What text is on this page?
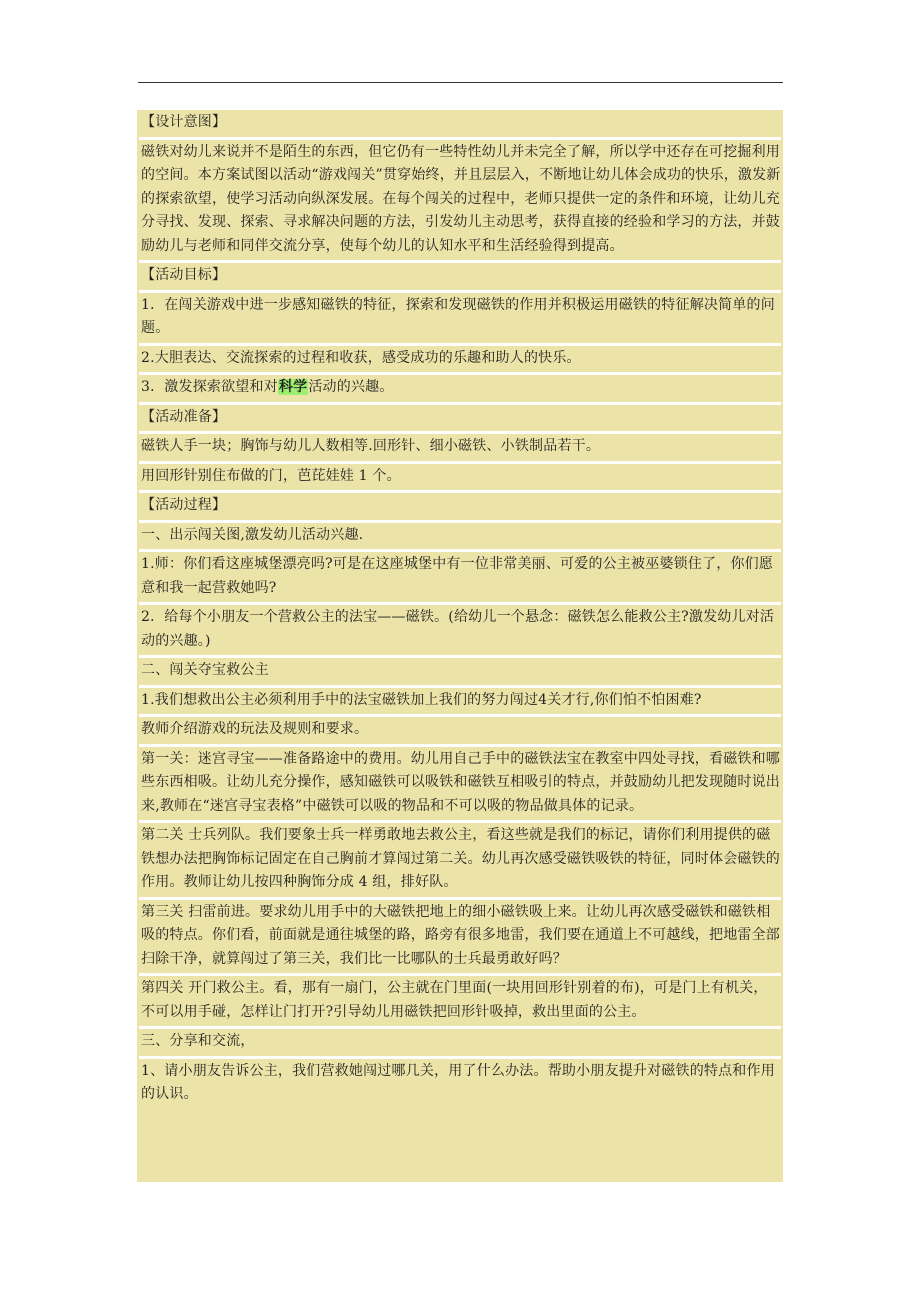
【设计意图】

磁铁对幼儿来说并不是陌生的东西，但它仍有一些特性幼儿并未完全了解，所以学中还存在可挖掘利用的空间。本方案试图以活动“游戏闯关”贯穿始终，并且层层入，不断地让幼儿体会成功的快乐，激发新的探索欲望，使学习活动向纵深发展。在每个闯关的过程中，老师只提供一定的条件和环境，让幼儿充分寻找、发现、探索、寻求解决问题的方法，引发幼儿主动思考，获得直接的经验和学习的方法，并鼓励幼儿与老师和同伴交流分享，使每个幼儿的认知水平和生活经验得到提高。

【活动目标】

1．在闯关游戏中进一步感知磁铁的特征，探索和发现磁铁的作用并积极运用磁铁的特征解决简单的问题。

2.大胆表达、交流探索的过程和收获，感受成功的乐趣和助人的快乐。

3．激发探索欲望和对科学活动的兴趣。

【活动准备】

磁铁人手一块；胸饰与幼儿人数相等.回形针、细小磁铁、小铁制品若干。

用回形针别住布做的门，芭芘娃娃 1 个。

【活动过程】

一、出示闯关图,激发幼儿活动兴趣.

1.师：你们看这座城堡漂亮吗?可是在这座城堡中有一位非常美丽、可爱的公主被巫婆锁住了，你们愿意和我一起营救她吗?

2．给每个小朋友一个营救公主的法宝——磁铁。(给幼儿一个悬念：磁铁怎么能救公主?激发幼儿对活动的兴趣。)

二、闯关夺宝救公主

1.我们想救出公主必须利用手中的法宝磁铁加上我们的努力闯过4关才行,你们怕不怕困难?

教师介绍游戏的玩法及规则和要求。

第一关：迷宫寻宝——准备路途中的费用。幼儿用自己手中的磁铁法宝在教室中四处寻找，看磁铁和哪些东西相吸。让幼儿充分操作，感知磁铁可以吸铁和磁铁互相吸引的特点，并鼓励幼儿把发现随时说出来,教师在“迷宫寻宝表格”中磁铁可以吸的物品和不可以吸的物品做具体的记录。

第二关 士兵列队。我们要象士兵一样勇敢地去救公主，看这些就是我们的标记，请你们利用提供的磁铁想办法把胸饰标记固定在自己胸前才算闯过第二关。幼儿再次感受磁铁吸铁的特征，同时体会磁铁的作用。教师让幼儿按四种胸饰分成 4 组，排好队。

第三关 扫雷前进。要求幼儿用手中的大磁铁把地上的细小磁铁吸上来。让幼儿再次感受磁铁和磁铁相吸的特点。你们看，前面就是通往城堡的路，路旁有很多地雷，我们要在通道上不可越线，把地雷全部扫除干净，就算闯过了第三关，我们比一比哪队的士兵最勇敢好吗？

第四关 开门救公主。看，那有一扇门，公主就在门里面(一块用回形针别着的布)，可是门上有机关，不可以用手碰，怎样让门打开?引导幼儿用磁铁把回形针吸掉，救出里面的公主。

三、分享和交流，

1、请小朋友告诉公主，我们营救她闯过哪几关，用了什么办法。帮助小朋友提升对磁铁的特点和作用的认识。
